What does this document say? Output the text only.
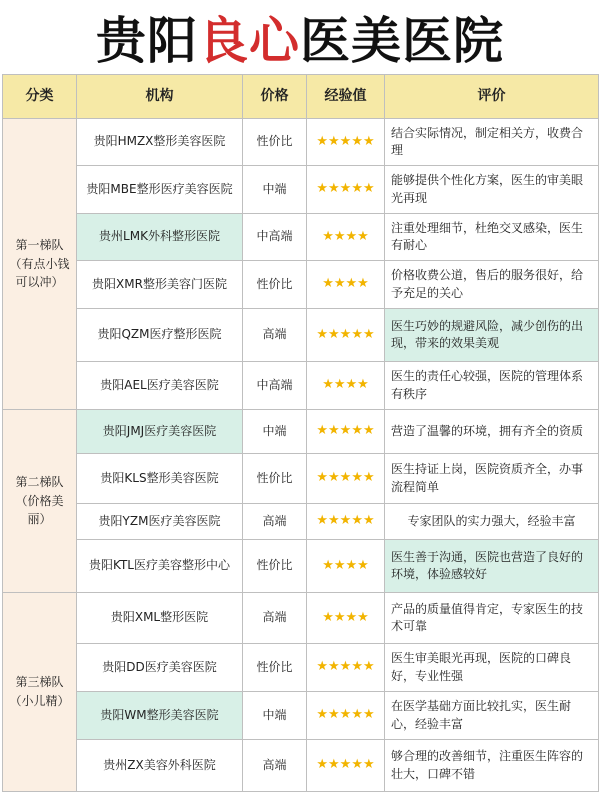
贵阳 良心 医美医院
分类	机构	价格	经验值	评价
第一梯队
（有点小钱
可以冲）	贵阳HMZX整形美容医院	性价比	★★★★★	结合实际情况，制定相关方，收费合理
	贵阳MBE整形医疗美容医院	中端	★★★★★	能够提供个性化方案，医生的审美眼光再现
	贵州LMK外科整形医院	中高端	★★★★	注重处理细节，杜绝交叉感染，医生有耐心
	贵阳XMR整形美容门医院	性价比	★★★★	价格收费公道，售后的服务很好，给予充足的关心
	贵阳QZM医疗整形医院	高端	★★★★★	医生巧妙的规避风险，减少创伤的出现，带来的效果美观
	贵阳AEL医疗美容医院	中高端	★★★★	医生的责任心较强，医院的管理体系有秩序
第二梯队
（价格美
丽）	贵阳JMJ医疗美容医院	中端	★★★★★	营造了温馨的环境，拥有齐全的资质
	贵阳KLS整形美容医院	性价比	★★★★★	医生持证上岗，医院资质齐全，办事流程简单
	贵阳YZM医疗美容医院	高端	★★★★★	专家团队的实力强大，经验丰富
	贵阳KTL医疗美容整形中心	性价比	★★★★	医生善于沟通，医院也营造了良好的环境，体验感较好
第三梯队
（小儿精）	贵阳XML整形医院	高端	★★★★	产品的质量值得肯定，专家医生的技术可靠
	贵阳DD医疗美容医院	性价比	★★★★★	医生审美眼光再现，医院的口碑良好，专业性强
	贵阳WM整形美容医院	中端	★★★★★	在医学基础方面比较扎实，医生耐心，经验丰富
	贵州ZX美容外科医院	高端	★★★★★	够合理的改善细节，注重医生阵容的壮大，口碑不错
